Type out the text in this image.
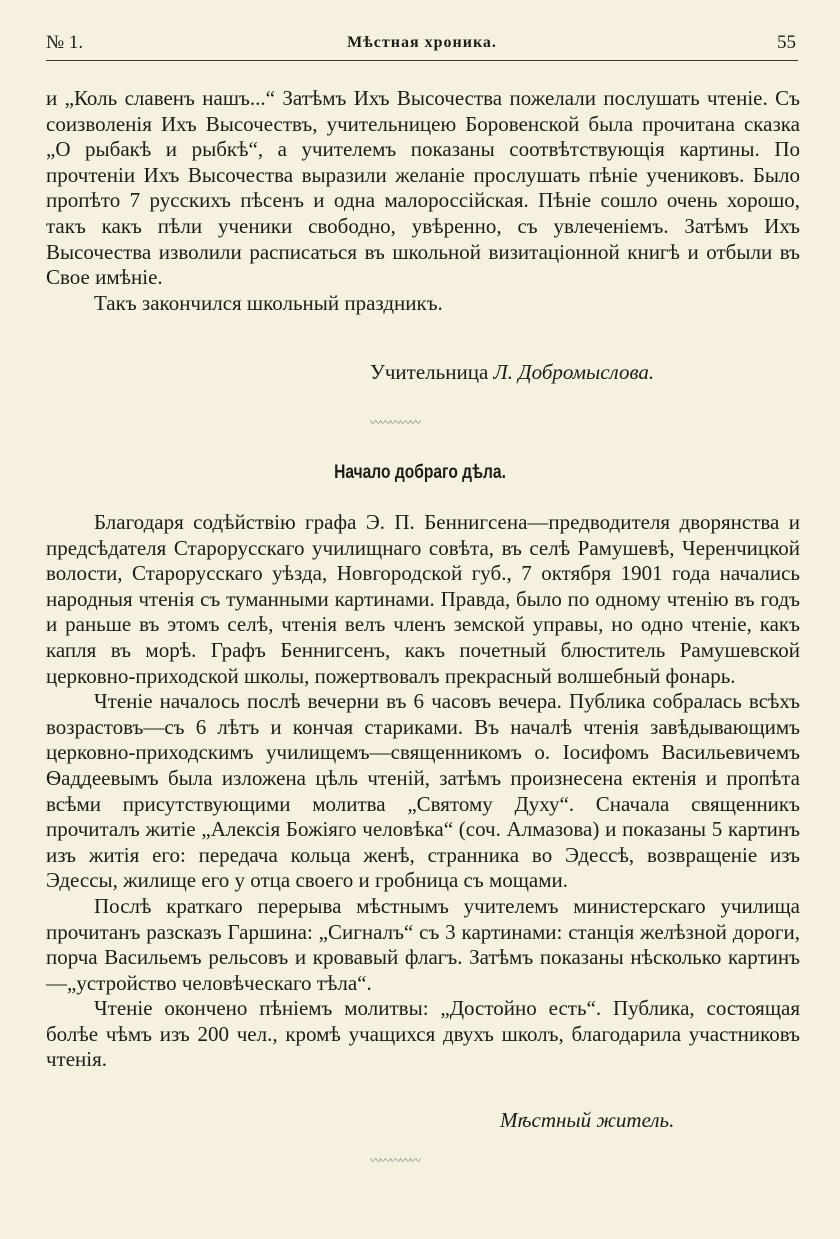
№ 1.	Мѣстная хроника.	55

и „Коль славенъ нашъ...“ Затѣмъ Ихъ Высочества пожелали послушать чтеніе. Съ соизволенія Ихъ Высочествъ, учительницею Боровенской была прочитана сказка „О рыбакѣ и рыбкѣ“, а учителемъ показаны соотвѣтствующія картины. По прочтеніи Ихъ Высочества выразили желаніе прослушать пѣніе учениковъ. Было пропѣто 7 русскихъ пѣсенъ и одна малороссійская. Пѣніе сошло очень хорошо, такъ какъ пѣли ученики свободно, увѣренно, съ увлеченіемъ. Затѣмъ Ихъ Высочества изволили расписаться въ школьной визитаціонной книгѣ и отбыли въ Свое имѣніе.

Такъ закончился школьный праздникъ.

Учительница Л. Добромыслова.
〰〰〰〰〰
Начало добраго дѣла.

Благодаря содѣйствію графа Э. П. Беннигсена—предводителя дворянства и предсѣдателя Старорусскаго училищнаго совѣта, въ селѣ Рамушевѣ, Черенчицкой волости, Старорусскаго уѣзда, Новгородской губ., 7 октября 1901 года начались народныя чтенія съ туманными картинами. Правда, было по одному чтенію въ годъ и раньше въ этомъ селѣ, чтенія велъ членъ земской управы, но одно чтеніе, какъ капля въ морѣ. Графъ Беннигсенъ, какъ почетный блюститель Рамушевской церковно-приходской школы, пожертвовалъ прекрасный волшебный фонарь.

Чтеніе началось послѣ вечерни въ 6 часовъ вечера. Публика собралась всѣхъ возрастовъ—съ 6 лѣтъ и кончая стариками. Въ началѣ чтенія завѣдывающимъ церковно-приходскимъ училищемъ—священникомъ о. Іосифомъ Васильевичемъ Ѳаддеевымъ была изложена цѣль чтеній, затѣмъ произнесена ектенія и пропѣта всѣми присутствующими молитва „Святому Духу“. Сначала священникъ прочиталъ житіе „Алексія Божіяго человѣка“ (соч. Алмазова) и показаны 5 картинъ изъ житія его: передача кольца женѣ, странника во Эдессѣ, возвращеніе изъ Эдессы, жилище его у отца своего и гробница съ мощами.

Послѣ краткаго перерыва мѣстнымъ учителемъ министерскаго училища прочитанъ разсказъ Гаршина: „Сигналъ“ съ 3 картинами: станція желѣзной дороги, порча Васильемъ рельсовъ и кровавый флагъ. Затѣмъ показаны нѣсколько картинъ—„устройство человѣческаго тѣла“.

Чтеніе окончено пѣніемъ молитвы: „Достойно есть“. Публика, состоящая болѣе чѣмъ изъ 200 чел., кромѣ учащихся двухъ школъ, благодарила участниковъ чтенія.

Мѣстный житель.
〰〰〰〰〰
